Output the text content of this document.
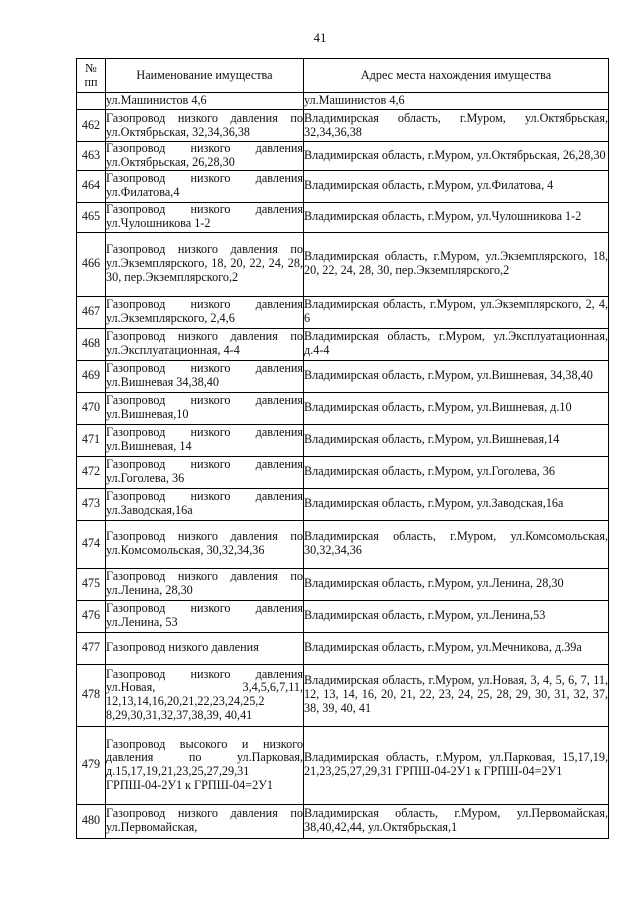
41
№
пп	Наименование имущества	Адрес места нахождения имущества
	ул.Машинистов 4,6	ул.Машинистов 4,6
462	Газопровод низкого давления по ул.Октябрьская, 32,34,36,38	Владимирская область, г.Муром, ул.Октябрьская, 32,34,36,38
463	Газопровод низкого давления ул.Октябрьская, 26,28,30	Владимирская область, г.Муром, ул.Октябрьская, 26,28,30
464	Газопровод низкого давления ул.Филатова,4	Владимирская область, г.Муром, ул.Филатова, 4
465	Газопровод низкого давления ул.Чулошникова 1-2	Владимирская область, г.Муром, ул.Чулошникова 1-2
466	Газопровод низкого давления по ул.Экземплярского, 18, 20, 22, 24, 28, 30, пер.Экземплярского,2	Владимирская область, г.Муром, ул.Экземплярского, 18, 20, 22, 24, 28, 30, пер.Экземплярского,2
467	Газопровод низкого давления ул.Экземплярского, 2,4,6	Владимирская область, г.Муром, ул.Экземплярского, 2, 4, 6
468	Газопровод низкого давления по ул.Эксплуатационная, 4-4	Владимирская область, г.Муром, ул.Эксплуатационная, д.4-4
469	Газопровод низкого давления ул.Вишневая 34,38,40	Владимирская область, г.Муром, ул.Вишневая, 34,38,40
470	Газопровод низкого давления ул.Вишневая,10	Владимирская область, г.Муром, ул.Вишневая, д.10
471	Газопровод низкого давления ул.Вишневая, 14	Владимирская область, г.Муром, ул.Вишневая,14
472	Газопровод низкого давления ул.Гоголева, 36	Владимирская область, г.Муром, ул.Гоголева, 36
473	Газопровод низкого давления ул.Заводская,16а	Владимирская область, г.Муром, ул.Заводская,16а
474	Газопровод низкого давления по ул.Комсомольская, 30,32,34,36	Владимирская область, г.Муром, ул.Комсомольская, 30,32,34,36
475	Газопровод низкого давления по ул.Ленина, 28,30	Владимирская область, г.Муром, ул.Ленина, 28,30
476	Газопровод низкого давления ул.Ленина, 53	Владимирская область, г.Муром, ул.Ленина,53
477	Газопровод низкого давления	Владимирская область, г.Муром, ул.Мечникова, д.39а
478	Газопровод низкого давления ул.Новая, 3,4,5,6,7,11, 12,13,14,16,20,21,22,23,24,25,2 8,29,30,31,32,37,38,39, 40,41	Владимирская область, г.Муром, ул.Новая, 3, 4, 5, 6, 7, 11, 12, 13, 14, 16, 20, 21, 22, 23, 24, 25, 28, 29, 30, 31, 32, 37, 38, 39, 40, 41
479	Газопровод высокого и низкого давления по ул.Парковая, д.15,17,19,21,23,25,27,29,31 ГРПШ-04-2У1 к ГРПШ-04=2У1	Владимирская область, г.Муром, ул.Парковая, 15,17,19, 21,23,25,27,29,31 ГРПШ-04-2У1 к ГРПШ-04=2У1
480	Газопровод низкого давления по ул.Первомайская,	Владимирская область, г.Муром, ул.Первомайская, 38,40,42,44, ул.Октябрьская,1
